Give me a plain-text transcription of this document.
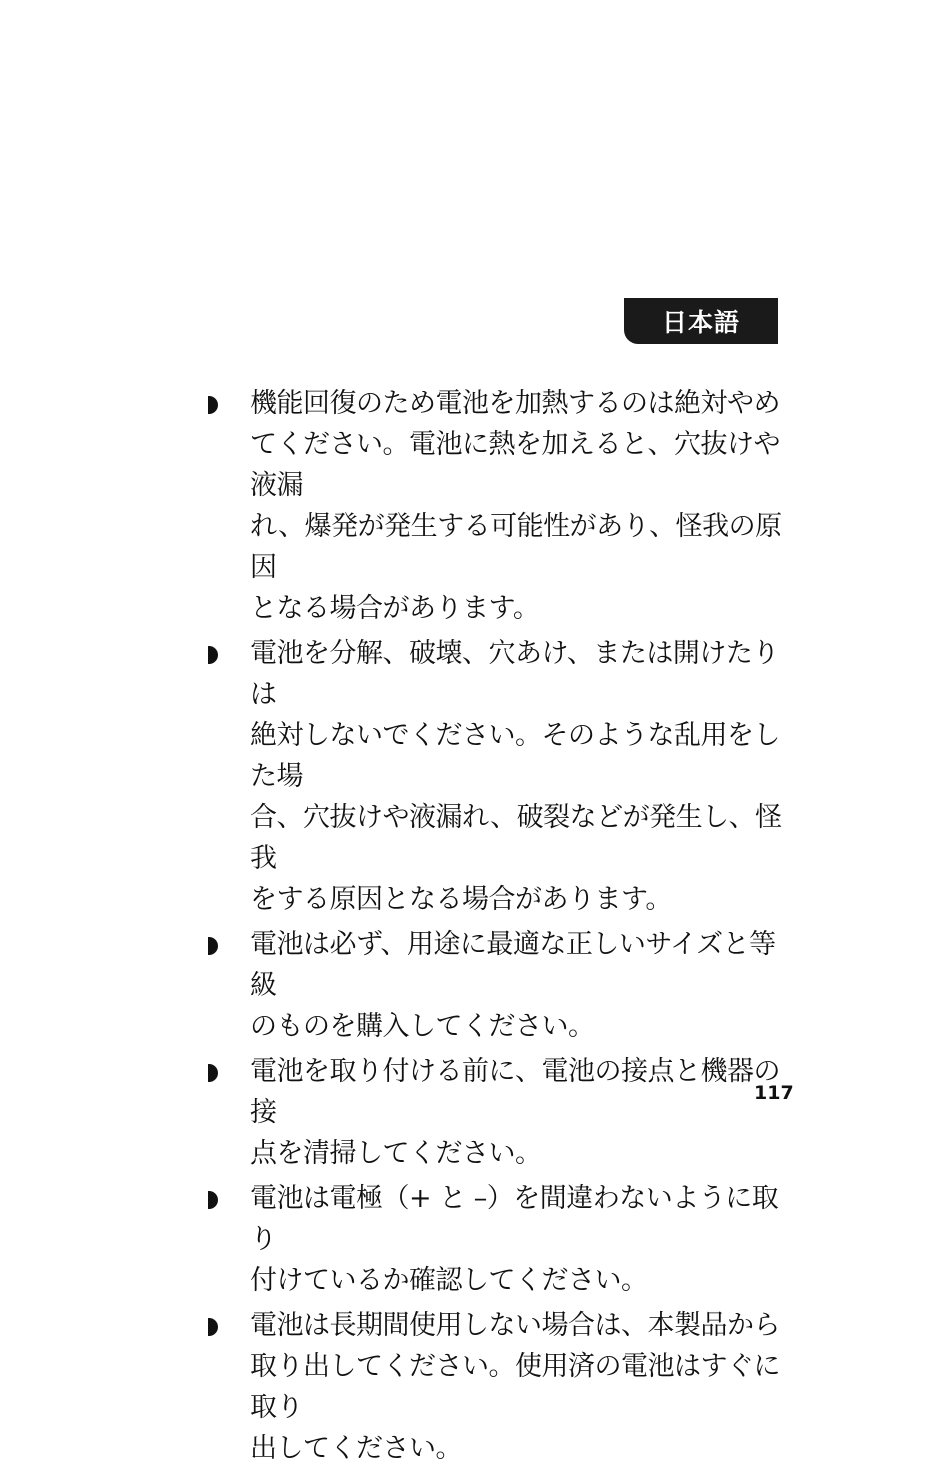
日本語
機能回復のため電池を加熱するのは絶対やめ
てください。電池に熱を加えると、穴抜けや液漏
れ、爆発が発生する可能性があり、怪我の原因
となる場合があります。
電池を分解、破壊、穴あけ、または開けたりは
絶対しないでください。そのような乱用をした場
合、穴抜けや液漏れ、破裂などが発生し、怪我
をする原因となる場合があります。
電池は必ず、用途に最適な正しいサイズと等級
のものを購入してください。
電池を取り付ける前に、電池の接点と機器の接
点を清掃してください。
電池は電極（+ と –）を間違わないように取り
付けているか確認してください。
電池は長期間使用しない場合は、本製品から
取り出してください。使用済の電池はすぐに取り
出してください。
117
